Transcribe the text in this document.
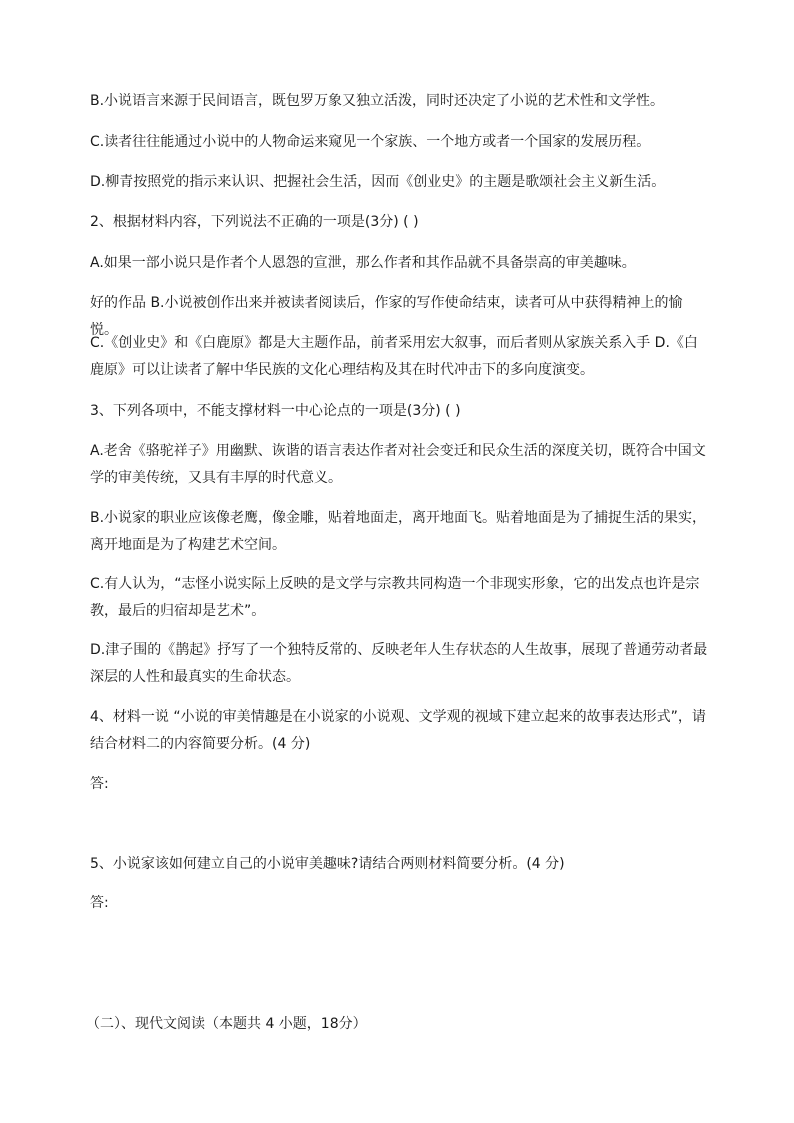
B.小说语言来源于民间语言，既包罗万象又独立活泼，同时还决定了小说的艺术性和文学性。

C.读者往往能通过小说中的人物命运来窥见一个家族、一个地方或者一个国家的发展历程。

D.柳青按照党的指示来认识、把握社会生活，因而《创业史》的主题是歌颂社会主义新生活。

2、根据材料内容，下列说法不正确的一项是(3分) ( )

A.如果一部小说只是作者个人恩怨的宣泄，那么作者和其作品就不具备崇高的审美趣味。

好的作品 B.小说被创作出来并被读者阅读后，作家的写作使命结束，读者可从中获得精神上的愉悦。

C.《创业史》和《白鹿原》都是大主题作品，前者采用宏大叙事，而后者则从家族关系入手 D.《白鹿原》可以让读者了解中华民族的文化心理结构及其在时代冲击下的多向度演变。

3、下列各项中，不能支撑材料一中心论点的一项是(3分) ( )

A.老舍《骆驼祥子》用幽默、诙谐的语言表达作者对社会变迁和民众生活的深度关切，既符合中国文学的审美传统，又具有丰厚的时代意义。

B.小说家的职业应该像老鹰，像金雕，贴着地面走，离开地面飞。贴着地面是为了捕捉生活的果实，离开地面是为了构建艺术空间。

C.有人认为，“志怪小说实际上反映的是文学与宗教共同构造一个非现实形象，它的出发点也许是宗教，最后的归宿却是艺术”。

D.津子围的《鹊起》抒写了一个独特反常的、反映老年人生存状态的人生故事，展现了普通劳动者最深层的人性和最真实的生命状态。

4、材料一说 “小说的审美情趣是在小说家的小说观、文学观的视域下建立起来的故事表达形式”，请结合材料二的内容简要分析。(4 分)

答:

5、小说家该如何建立自己的小说审美趣味?请结合两则材料简要分析。(4 分)

答:

（二）、现代文阅读（本题共 4 小题，18分）
